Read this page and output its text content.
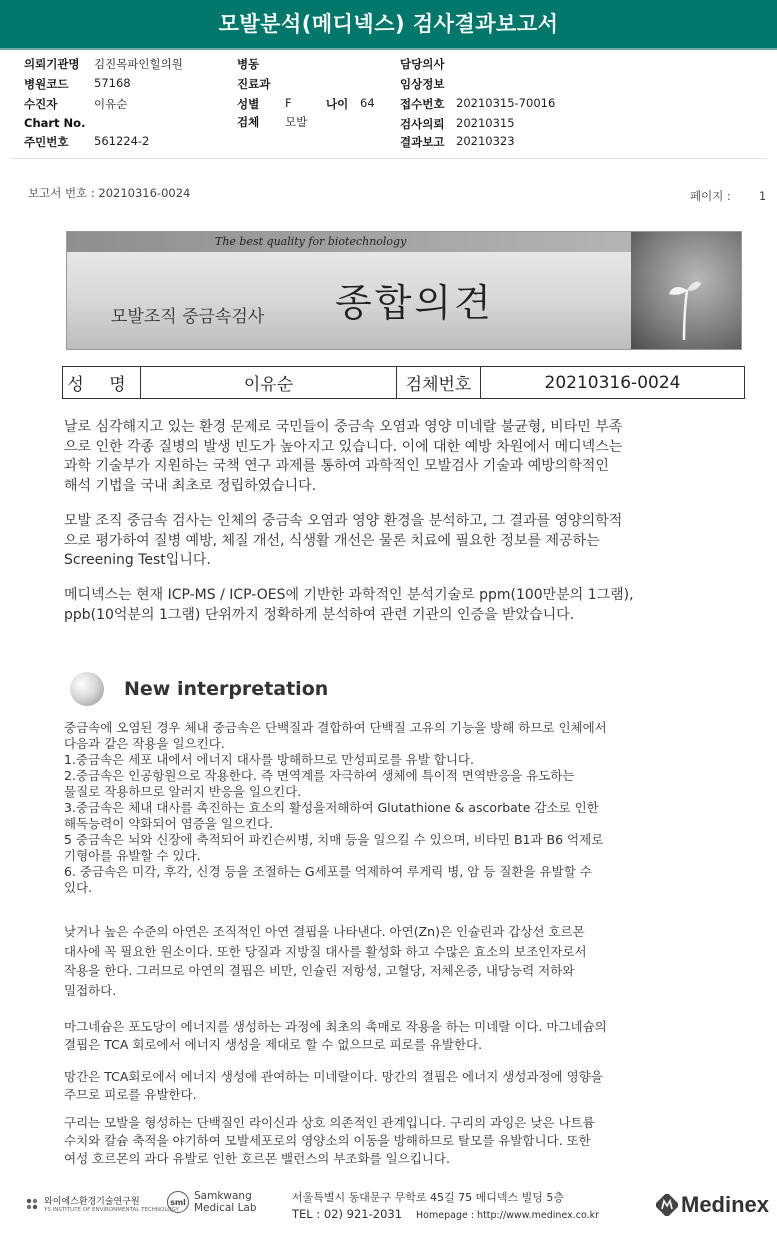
모발분석(메디넥스) 검사결과보고서
의뢰기관명 김진목파인힐의원
병원코드 57168
수진자	이유순
Chart No.
주민번호 561224-2
병동
진료과
성별 F	나이 64
검체 모발
담당의사
임상정보
접수번호 20210315-70016
검사의뢰 20210315
결과보고 20210323
보고서 번호 : 20210316-0024	페이지 : 1
The best quality for biotechnology
모발조직 중금속검사 종합의견
성 명	이유순	검체번호	20210316-0024
날로 심각해지고 있는 환경 문제로 국민들이 중금속 오염과 영양 미네랄 불균형, 비타민 부족
으로 인한 각종 질병의 발생 빈도가 높아지고 있습니다. 이에 대한 예방 차원에서 메디넥스는
과학 기술부가 지원하는 국책 연구 과제를 통하여 과학적인 모발검사 기술과 예방의학적인
해석 기법을 국내 최초로 정립하였습니다.
모발 조직 중금속 검사는 인체의 중금속 오염과 영양 환경을 분석하고, 그 결과를 영양의학적
으로 평가하여 질병 예방, 체질 개선, 식생활 개선은 물론 치료에 필요한 정보를 제공하는
Screening Test입니다.
메디넥스는 현재 ICP-MS / ICP-OES에 기반한 과학적인 분석기술로 ppm(100만분의 1그램),
ppb(10억분의 1그램) 단위까지 정확하게 분석하여 관련 기관의 인증을 받았습니다.
New interpretation
중금속에 오염된 경우 체내 중금속은 단백질과 결합하여 단백질 고유의 기능을 방해 하므로 인체에서
다음과 같은 작용을 일으킨다.
1.중금속은 세포 내에서 에너지 대사를 방해하므로 만성피로를 유발 합니다.
2.중금속은 인공항원으로 작용한다. 즉 면역계를 자극하여 생체에 특이적 면역반응을 유도하는
물질로 작용하므로 알러지 반응을 일으킨다.
3.중금속은 체내 대사를 촉진하는 효소의 활성을저해하여 Glutathione & ascorbate 감소로 인한
해독능력이 약화되어 염증을 일으킨다.
5 중금속은 뇌와 신장에 축적되어 파킨슨씨병, 치매 등을 일으킬 수 있으며, 비타민 B1과 B6 억제로
기형아를 유발할 수 있다.
6. 중금속은 미각, 후각, 신경 등을 조절하는 G세포를 억제하여 루게릭 병, 암 등 질환을 유발할 수
있다.
낮거나 높은 수준의 아연은 조직적인 아연 결핍을 나타낸다. 아연(Zn)은 인슐린과 갑상선 호르몬
대사에 꼭 필요한 원소이다. 또한 당질과 지방질 대사를 활성화 하고 수많은 효소의 보조인자로서
작용을 한다. 그러므로 아연의 결핍은 비만, 인슐린 저항성, 고혈당, 저체온증, 내당능력 저하와
밀접하다.
마그네슘은 포도당이 에너지를 생성하는 과정에 최초의 촉매로 작용을 하는 미네랄 이다. 마그네슘의
결핍은 TCA 회로에서 에너지 생성을 제대로 할 수 없으므로 피로를 유발한다.
망간은 TCA회로에서 에너지 생성에 관여하는 미네랄이다. 망간의 결핍은 에너지 생성과정에 영향을
주므로 피로를 유발한다.
구리는 모발을 형성하는 단백질인 라이신과 상호 의존적인 관계입니다. 구리의 과잉은 낮은 나트륨
수치와 칼슘 축적을 야기하여 모발세포로의 영양소의 이동을 방해하므로 탈모를 유발합니다. 또한
여성 호르몬의 과다 유발로 인한 호르몬 밸런스의 부조화를 일으킵니다.
와이에스환경기술연구원
YS INSTITUTE OF ENVIRONMENTAL TECHNOLOGY
sml Samkwang
Medical Lab
서울특별시 동대문구 무학로 45길 75 메디넥스 빌딩 5층
TEL : 02) 921-2031 Homepage : http://www.medinex.co.kr	Medinex
